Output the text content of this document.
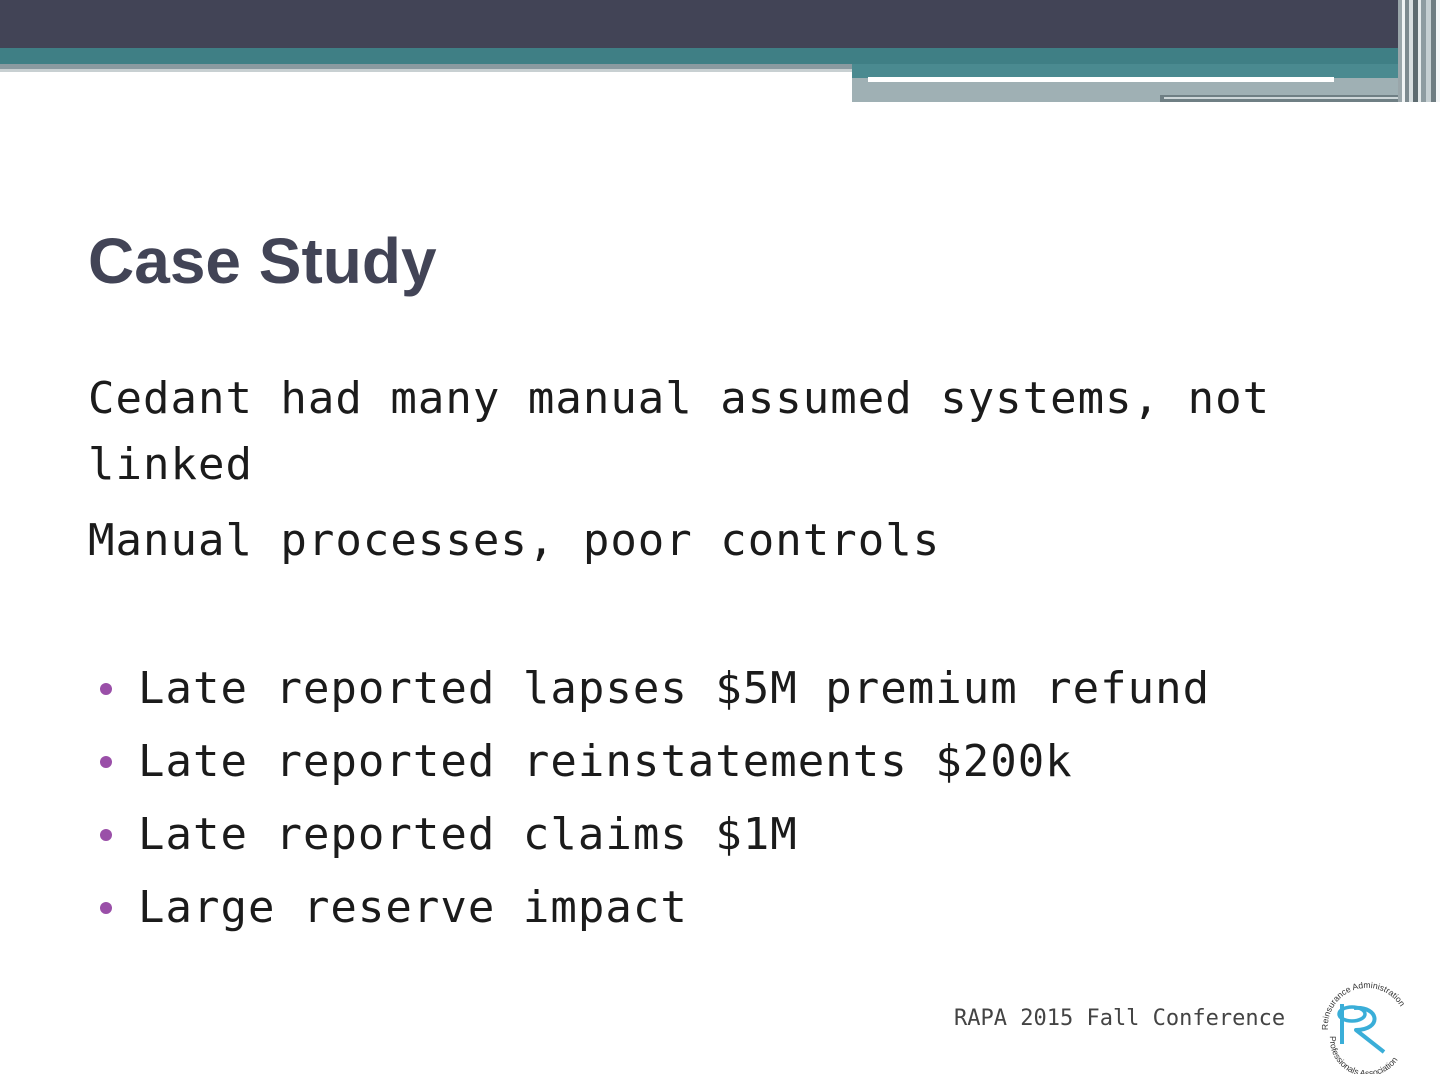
Case Study

Cedant had many manual assumed systems, not linked

Manual processes, poor controls

Late reported lapses $5M premium refund
Late reported reinstatements $200k
Late reported claims $1M
Large reserve impact
RAPA 2015 Fall Conference	Reinsurance Administration
Professionals Association
